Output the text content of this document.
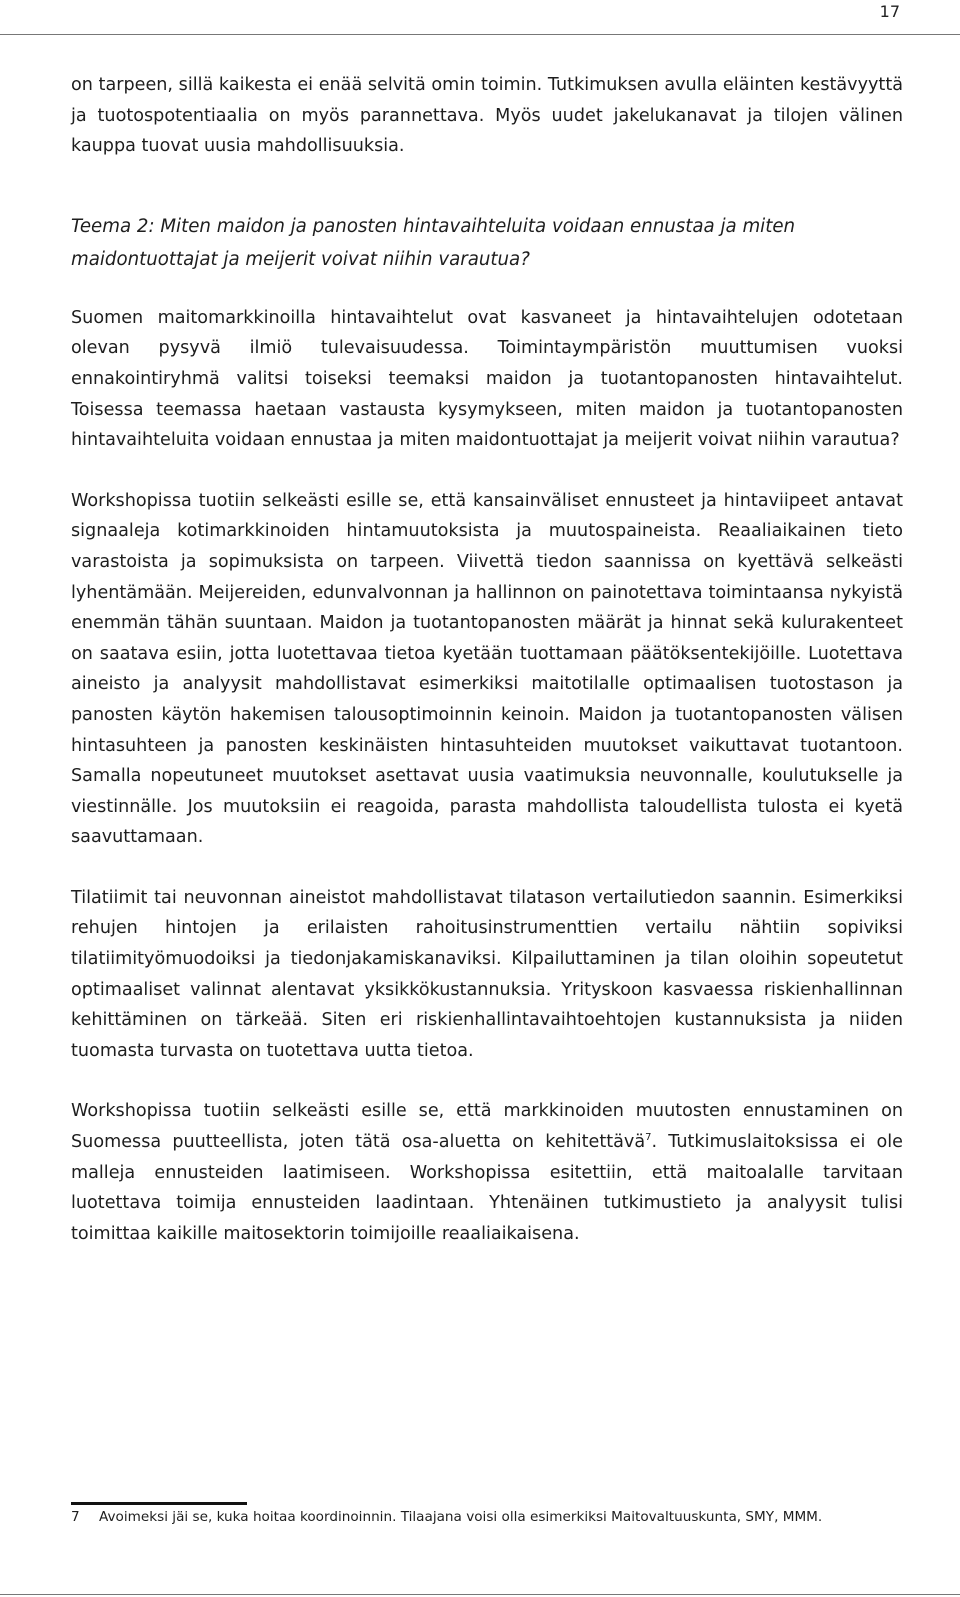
17

on tarpeen, sillä kaikesta ei enää selvitä omin toimin. Tutkimuksen avulla eläinten kestävyyttä ja tuotospotentiaalia on myös parannettava. Myös uudet jakelukanavat ja tilojen välinen kauppa tuovat uusia mahdollisuuksia.

Teema 2: Miten maidon ja panosten hintavaihteluita voidaan ennustaa ja miten maidontuottajat ja meijerit voivat niihin varautua?

Suomen maitomarkkinoilla hintavaihtelut ovat kasvaneet ja hintavaihtelujen odotetaan olevan pysyvä ilmiö tulevaisuudessa. Toimintaympäristön muuttumisen vuoksi ennakointiryhmä valitsi toiseksi teemaksi maidon ja tuotantopanosten hintavaihtelut. Toisessa teemassa haetaan vastausta kysymykseen, miten maidon ja tuotantopanosten hintavaihteluita voidaan ennustaa ja miten maidontuottajat ja meijerit voivat niihin varautua?

Workshopissa tuotiin selkeästi esille se, että kansainväliset ennusteet ja hintaviipeet antavat signaaleja kotimarkkinoiden hintamuutoksista ja muutospaineista. Reaaliaikainen tieto varastoista ja sopimuksista on tarpeen. Viivettä tiedon saannissa on kyettävä selkeästi lyhentämään. Meijereiden, edunvalvonnan ja hallinnon on painotettava toimintaansa nykyistä enemmän tähän suuntaan. Maidon ja tuotantopanosten määrät ja hinnat sekä kulurakenteet on saatava esiin, jotta luotettavaa tietoa kyetään tuottamaan päätöksentekijöille. Luotettava aineisto ja analyysit mahdollistavat esimerkiksi maitotilalle optimaalisen tuotostason ja panosten käytön hakemisen talousoptimoinnin keinoin. Maidon ja tuotantopanosten välisen hintasuhteen ja panosten keskinäisten hintasuhteiden muutokset vaikuttavat tuotantoon. Samalla nopeutuneet muutokset asettavat uusia vaatimuksia neuvonnalle, koulutukselle ja viestinnälle. Jos muutoksiin ei reagoida, parasta mahdollista taloudellista tulosta ei kyetä saavuttamaan.

Tilatiimit tai neuvonnan aineistot mahdollistavat tilatason vertailutiedon saannin. Esimerkiksi rehujen hintojen ja erilaisten rahoitusinstrumenttien vertailu nähtiin sopiviksi tilatiimityömuodoiksi ja tiedonjakamiskanaviksi. Kilpailuttaminen ja tilan oloihin sopeutetut optimaaliset valinnat alentavat yksikkökustannuksia. Yrityskoon kasvaessa riskienhallinnan kehittäminen on tärkeää. Siten eri riskienhallintavaihtoehtojen kustannuksista ja niiden tuomasta turvasta on tuotettava uutta tietoa.

Workshopissa tuotiin selkeästi esille se, että markkinoiden muutosten ennustaminen on Suomessa puutteellista, joten tätä osa-aluetta on kehitettävä$^7$. Tutkimuslaitoksissa ei ole malleja ennusteiden laatimiseen. Workshopissa esitettiin, että maitoalalle tarvitaan luotettava toimija ennusteiden laadintaan. Yhtenäinen tutkimustieto ja analyysit tulisi toimittaa kaikille maitosektorin toimijoille reaaliaikaisena.

7	Avoimeksi jäi se, kuka hoitaa koordinoinnin. Tilaajana voisi olla esimerkiksi Maitovaltuuskunta, SMY, MMM.
